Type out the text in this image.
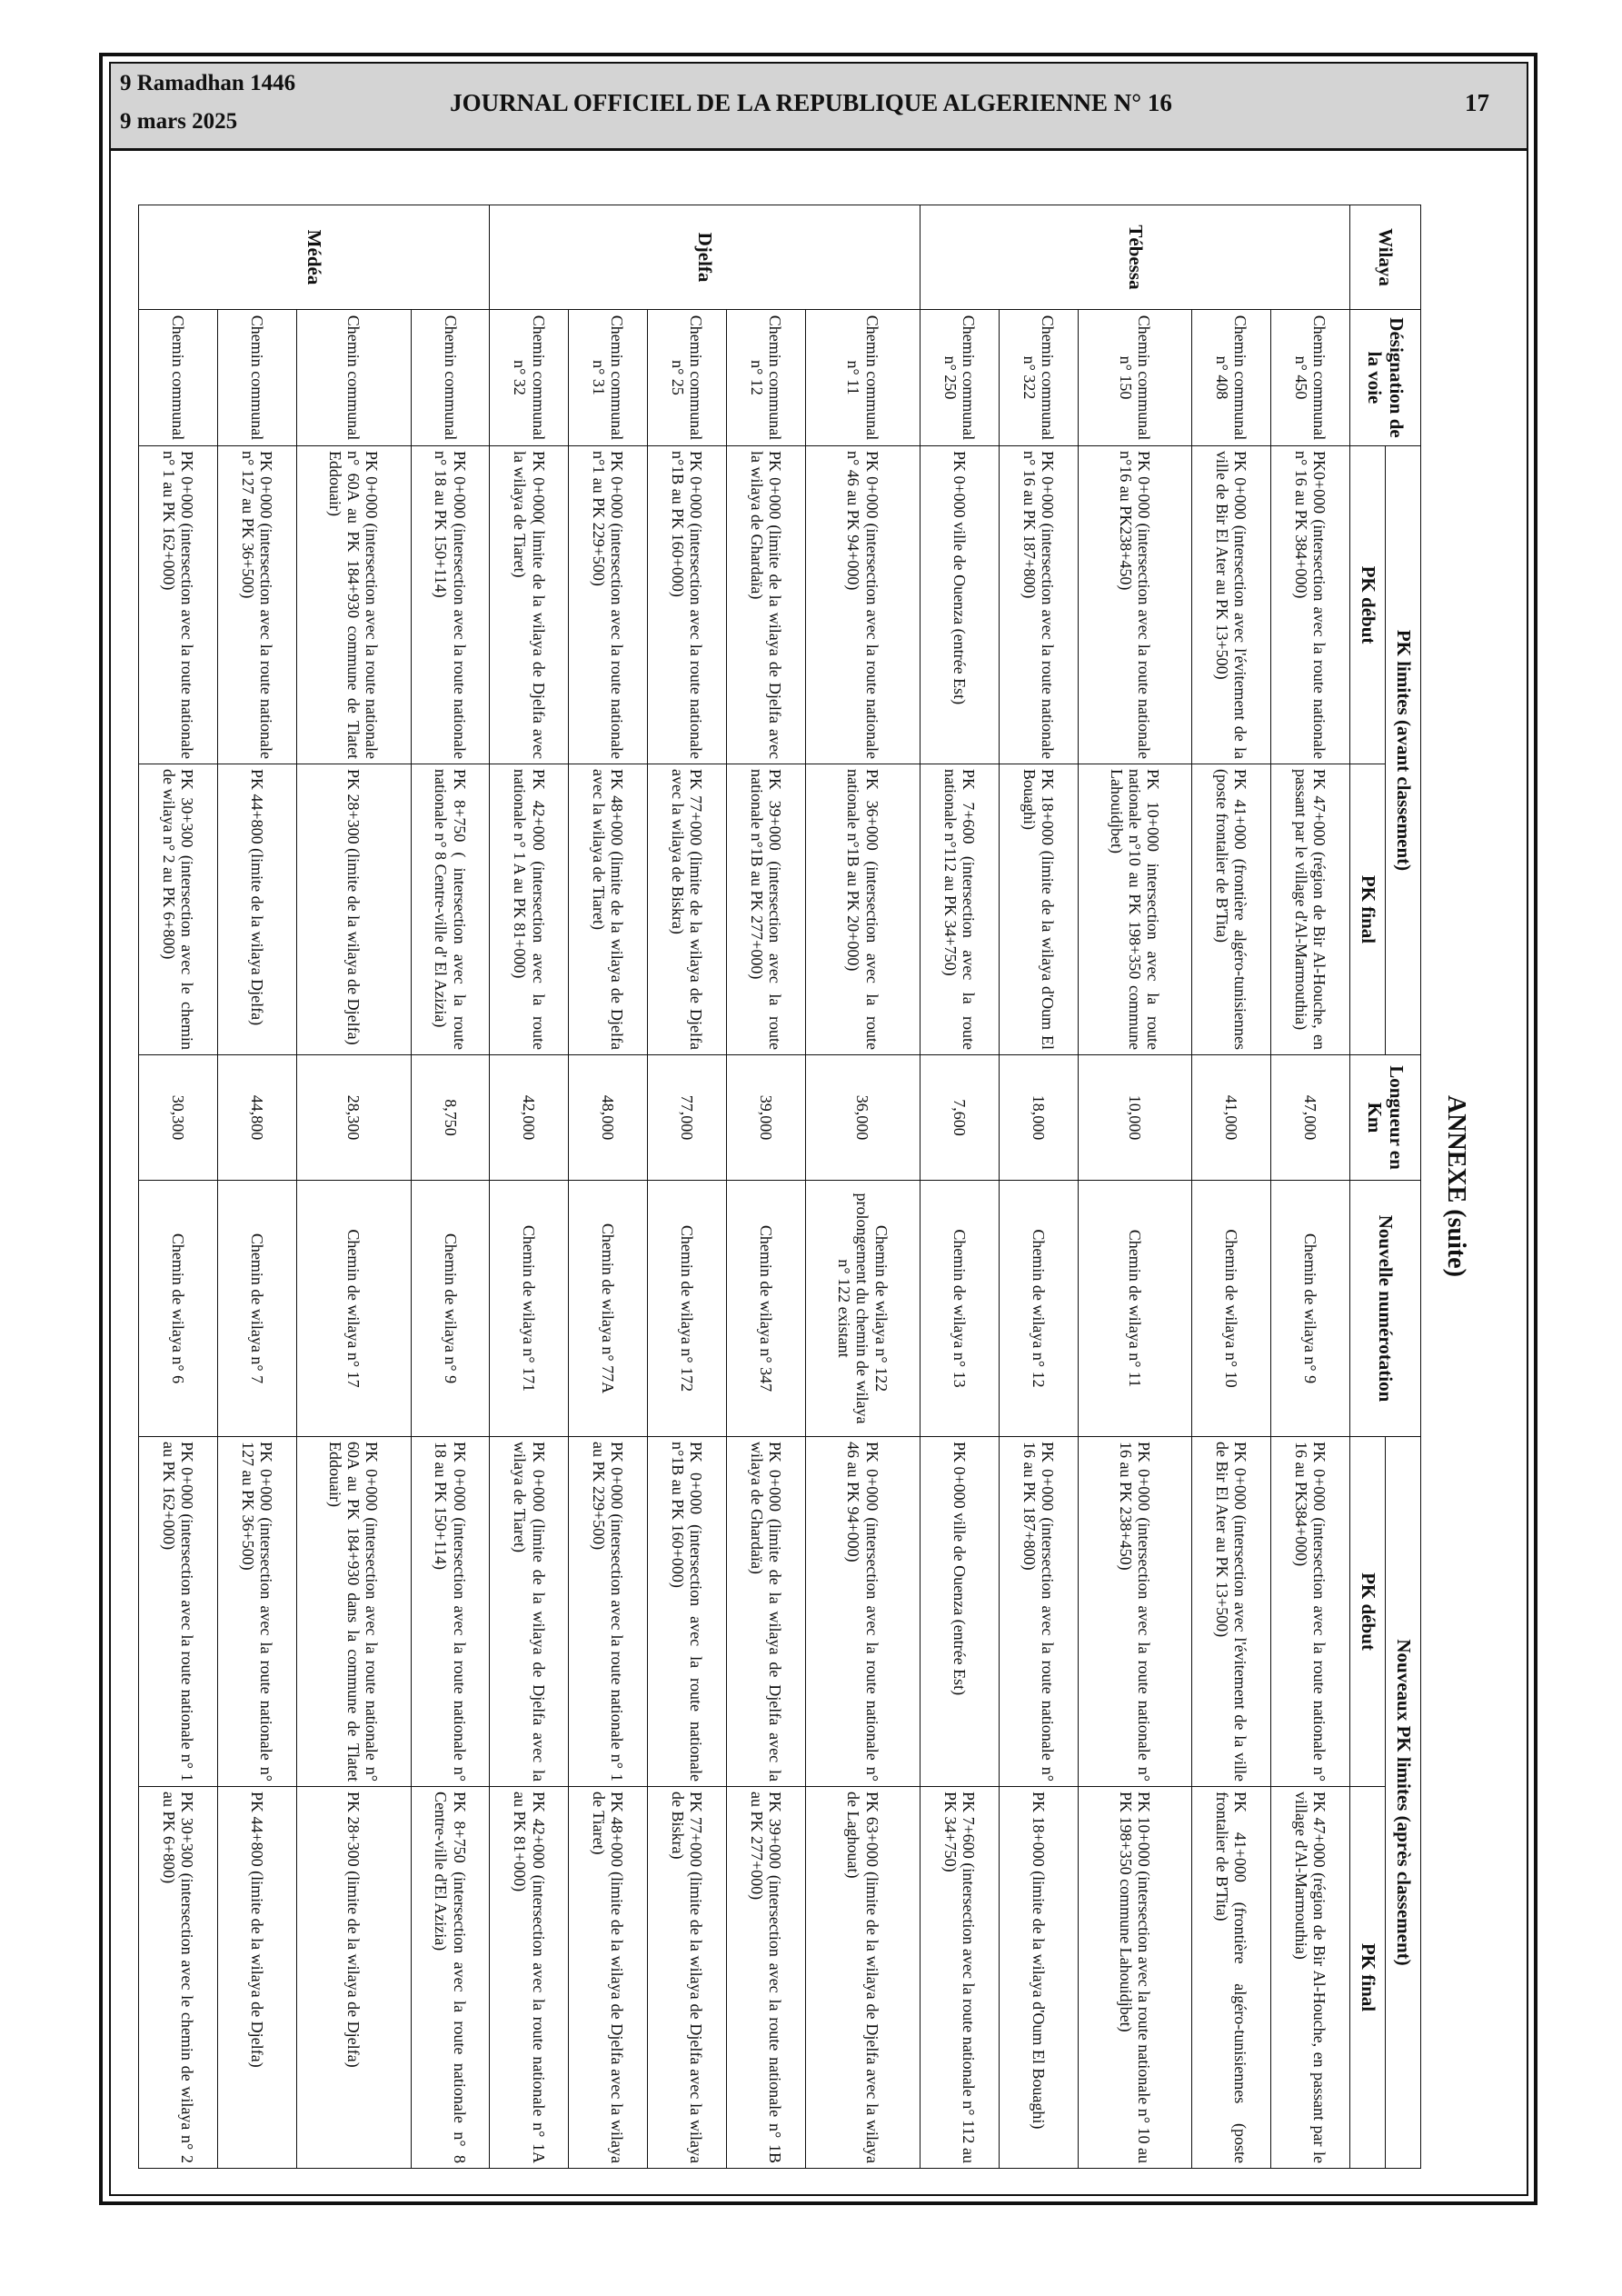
9 Ramadhan 1446
9 mars 2025
JOURNAL OFFICIEL DE LA REPUBLIQUE ALGERIENNE N° 16	17
ANNEXE (suite)
Wilaya	Désignation de la voie	PK limites (avant classement)		Longueur en Km	Nouvelle numérotation	Nouveaux PK limites (après classement)	
		PK début	PK final			PK début	PK final
Tébessa	Chemin communal n° 450	PK0+000 (intersection avec la route nationale n° 16 au PK 384+000)	PK 47+000 (région de Bir Al-Houche, en passant par le village d'Al-Marmouthia)	47,000	Chemin de wilaya n° 9	PK 0+000 (intersection avec la route nationale n° 16 au PK384+000)	PK 47+000 (région de Bir Al-Houche, en passant par le village d'Al-Marmouthia)
	Chemin communal n° 408	PK 0+000 (intersection avec l'évitement de la ville de Bir El Ater au PK 13+500)	PK 41+000 (frontière algéro-tunisiennes (poste frontalier de B'Tita)	41,000	Chemin de wilaya n° 10	PK 0+000 (intersection avec l'évitement de la ville de Bir El Ater au PK 13+500)	PK 41+000 (frontière algéro-tunisiennes (poste frontalier de B'Tita)
	Chemin communal n° 150	PK 0+000 (intersection avec la route nationale n°16 au PK238+450)	PK 10+000 intersection avec la route nationale n°10 au PK 198+350 commune Lahouidjbet)	10,000	Chemin de wilaya n° 11	PK 0+000 (intersection avec la route nationale n° 16 au PK 238+450)	PK 10+000 (intersection avec la route nationale n° 10 au PK 198+350 commune Lahouidjbet)
	Chemin communal n° 322	PK 0+000 (intersection avec la route nationale n° 16 au PK 187+800)	PK 18+000 (limite de la wilaya d'Oum El Bouaghi)	18,000	Chemin de wilaya n° 12	PK 0+000 (intersection avec la route nationale n° 16 au PK 187+800)	PK 18+000 (limite de la wilaya d'Oum El Bouaghi)
	Chemin communal n° 250	PK 0+000 ville de Ouenza (entrée Est)	PK 7+600 (intersection avec la route nationale n°112 au PK 34+750)	7,600	Chemin de wilaya n° 13	PK 0+000 ville de Ouenza (entrée Est)	PK 7+600 (intersection avec la route nationale n° 112 au PK 34+750)
Djelfa	Chemin communal n° 11	PK 0+000 (intersection avec la route nationale n° 46 au PK 94+000)	PK 36+000 (intersection avec la route nationale n°1B au PK 20+000)	36,000	Chemin de wilaya n° 122 prolongement du chemin de wilaya n° 122 existant	PK 0+000 (intersection avec la route nationale n° 46 au PK 94+000)	PK 63+000 (limite de la wilaya de Djelfa avec la wilaya de Laghouat)
	Chemin communal n° 12	PK 0+000 (limite de la wilaya de Djelfa avec la wilaya de Ghardaïa)	PK 39+000 (intersection avec la route nationale n°1B au PK 277+000)	39,000	Chemin de wilaya n° 347	PK 0+000 (limite de la wilaya de Djelfa avec la wilaya de Ghardaïa)	PK 39+000 (intersection avec la route nationale n° 1B au PK 277+000)
	Chemin communal n° 25	PK 0+000 (intersection avec la route nationale n°1B au PK 160+000)	PK 77+000 (limite de la wilaya de Djelfa avec la wilaya de Biskra)	77,000	Chemin de wilaya n° 172	PK 0+000 (intersection avec la route nationale n°1B au PK 160+000)	PK 77+000 (limite de la wilaya de Djelfa avec la wilaya de Biskra)
	Chemin communal n° 31	PK 0+000 (intersection avec la route nationale n°1 au PK 229+500)	PK 48+000 (limite de la wilaya de Djelfa avec la wilaya de Tiaret)	48,000	Chemin de wilaya n° 77A	PK 0+000 (intersection avec la route nationale n° 1 au PK 229+500)	PK 48+000 (limite de la wilaya de Djelfa avec la wilaya de Tiaret)
	Chemin communal n° 32	PK 0+000( limite de la wilaya de Djelfa avec la wilaya de Tiaret)	PK 42+000 (intersection avec la route nationale n° 1 A au PK 81+000)	42,000	Chemin de wilaya n° 171	PK 0+000 (limite de la wilaya de Djelfa avec la wilaya de Tiaret)	PK 42+000 (intersection avec la route nationale n° 1A au PK 81+000)
Médéa	Chemin communal	PK 0+000 (intersection avec la route nationale n° 18 au PK 150+114)	PK 8+750 ( intersection avec la route nationale n° 8 Centre-ville d' El Azizia)	8,750	Chemin de wilaya n° 9	PK 0+000 (intersection avec la route nationale n° 18 au PK 150+114)	PK 8+750 (intersection avec la route nationale n° 8 Centre-ville d'El Azizia)
	Chemin communal	PK 0+000 (intersection avec la route nationale n° 60A au PK 184+930 commune de Tlatet Eddouair)	PK 28+300 (limite de la wilaya de Djelfa)	28,300	Chemin de wilaya n° 17	PK 0+000 (intersection avec la route nationale n° 60A au PK 184+930 dans la commune de Tlatet Eddouair)	PK 28+300 (limite de la wilaya de Djelfa)
	Chemin communal	PK 0+000 (intersection avec la route nationale n° 127 au PK 36+500)	PK 44+800 (limite de la wilaya Djelfa)	44,800	Chemin de wilaya n° 7	PK 0+000 (intersection avec la route nationale n° 127 au PK 36+500)	PK 44+800 (limite de la wilaya de Djelfa)
	Chemin communal	PK 0+000 (intersection avec la route nationale n° 1 au PK 162+000)	PK 30+300 (intersection avec le chemin de wilaya n° 2 au PK 6+800)	30,300	Chemin de wilaya n° 6	PK 0+000 (intersection avec la route nationale n° 1 au PK 162+000)	PK 30+300 (intersection avec le chemin de wilaya n° 2 au PK 6+800)
